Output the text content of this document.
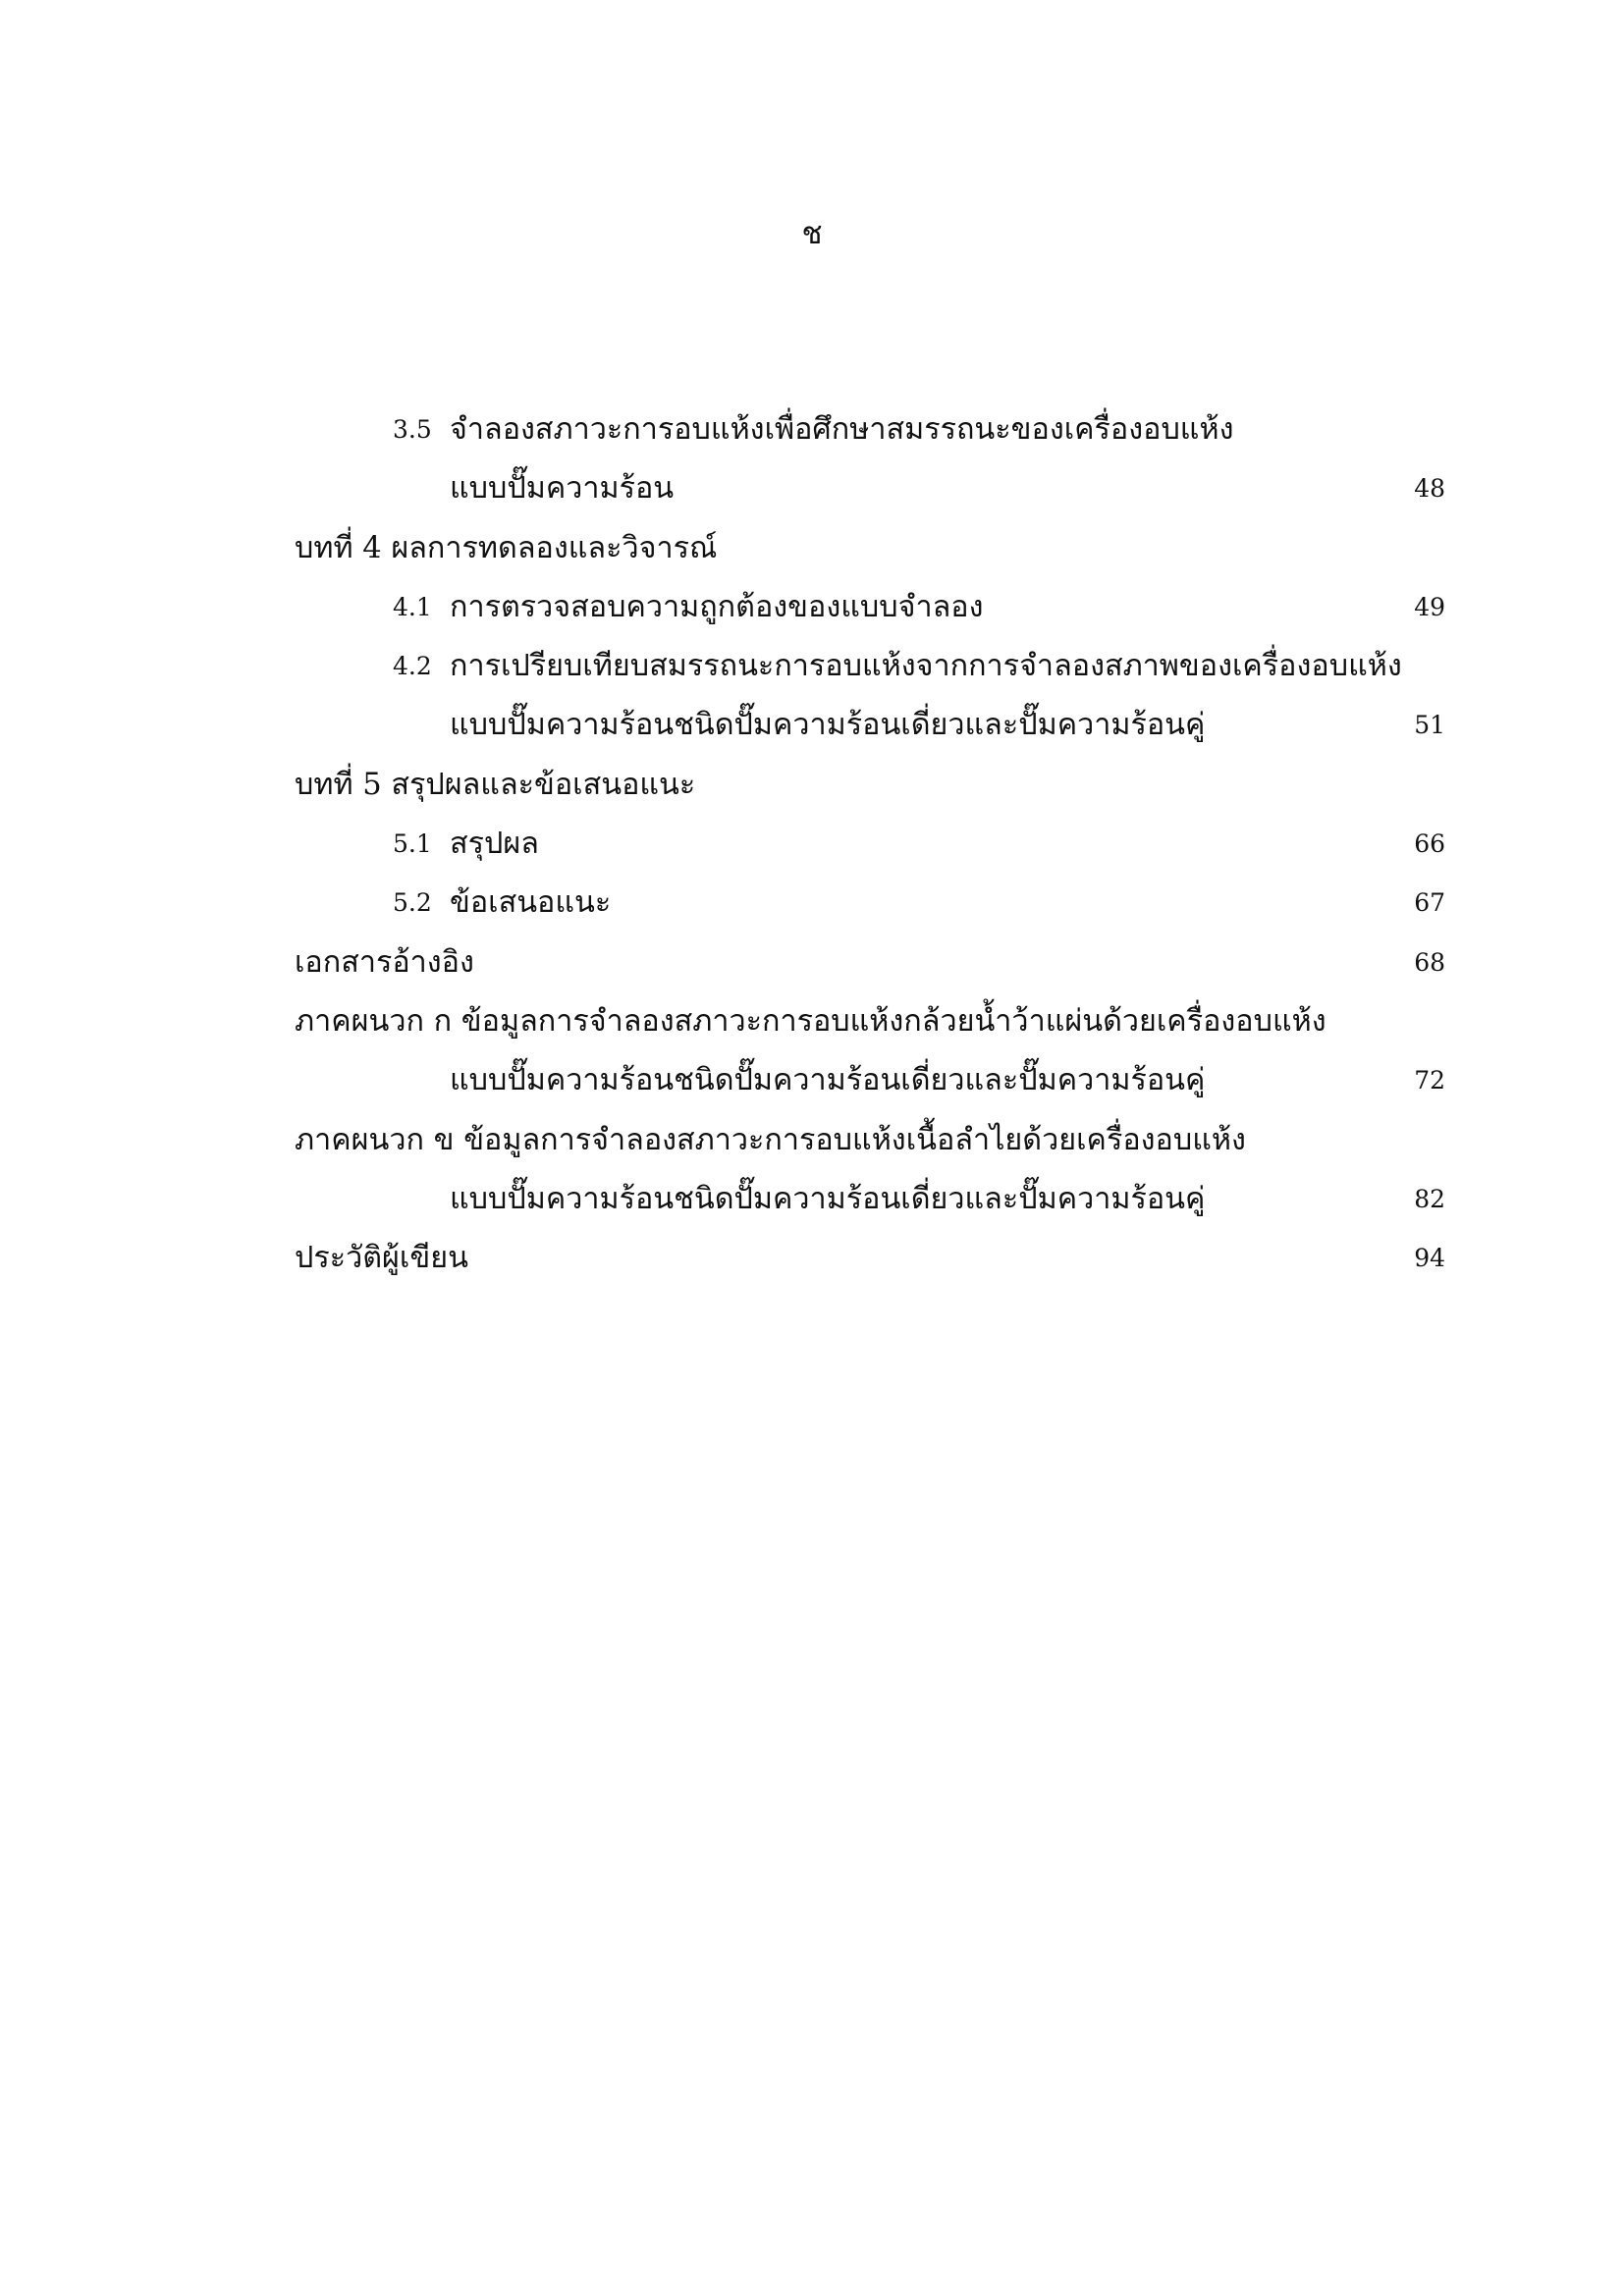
ช
3.5 จำลองสภาวะการอบแห้งเพื่อศึกษาสมรรถนะของเครื่องอบแห้ง
แบบปั๊มความร้อน	48
บทที่ 4 ผลการทดลองและวิจารณ์
4.1 การตรวจสอบความถูกต้องของแบบจำลอง	49
4.2 การเปรียบเทียบสมรรถนะการอบแห้งจากการจำลองสภาพของเครื่องอบแห้ง
แบบปั๊มความร้อนชนิดปั๊มความร้อนเดี่ยวและปั๊มความร้อนคู่	51
บทที่ 5 สรุปผลและข้อเสนอแนะ
5.1 สรุปผล	66
5.2 ข้อเสนอแนะ	67
เอกสารอ้างอิง	68
ภาคผนวก ก ข้อมูลการจำลองสภาวะการอบแห้งกล้วยน้ำว้าแผ่นด้วยเครื่องอบแห้ง
แบบปั๊มความร้อนชนิดปั๊มความร้อนเดี่ยวและปั๊มความร้อนคู่	72
ภาคผนวก ข ข้อมูลการจำลองสภาวะการอบแห้งเนื้อลำไยด้วยเครื่องอบแห้ง
แบบปั๊มความร้อนชนิดปั๊มความร้อนเดี่ยวและปั๊มความร้อนคู่	82
ประวัติผู้เขียน	94
